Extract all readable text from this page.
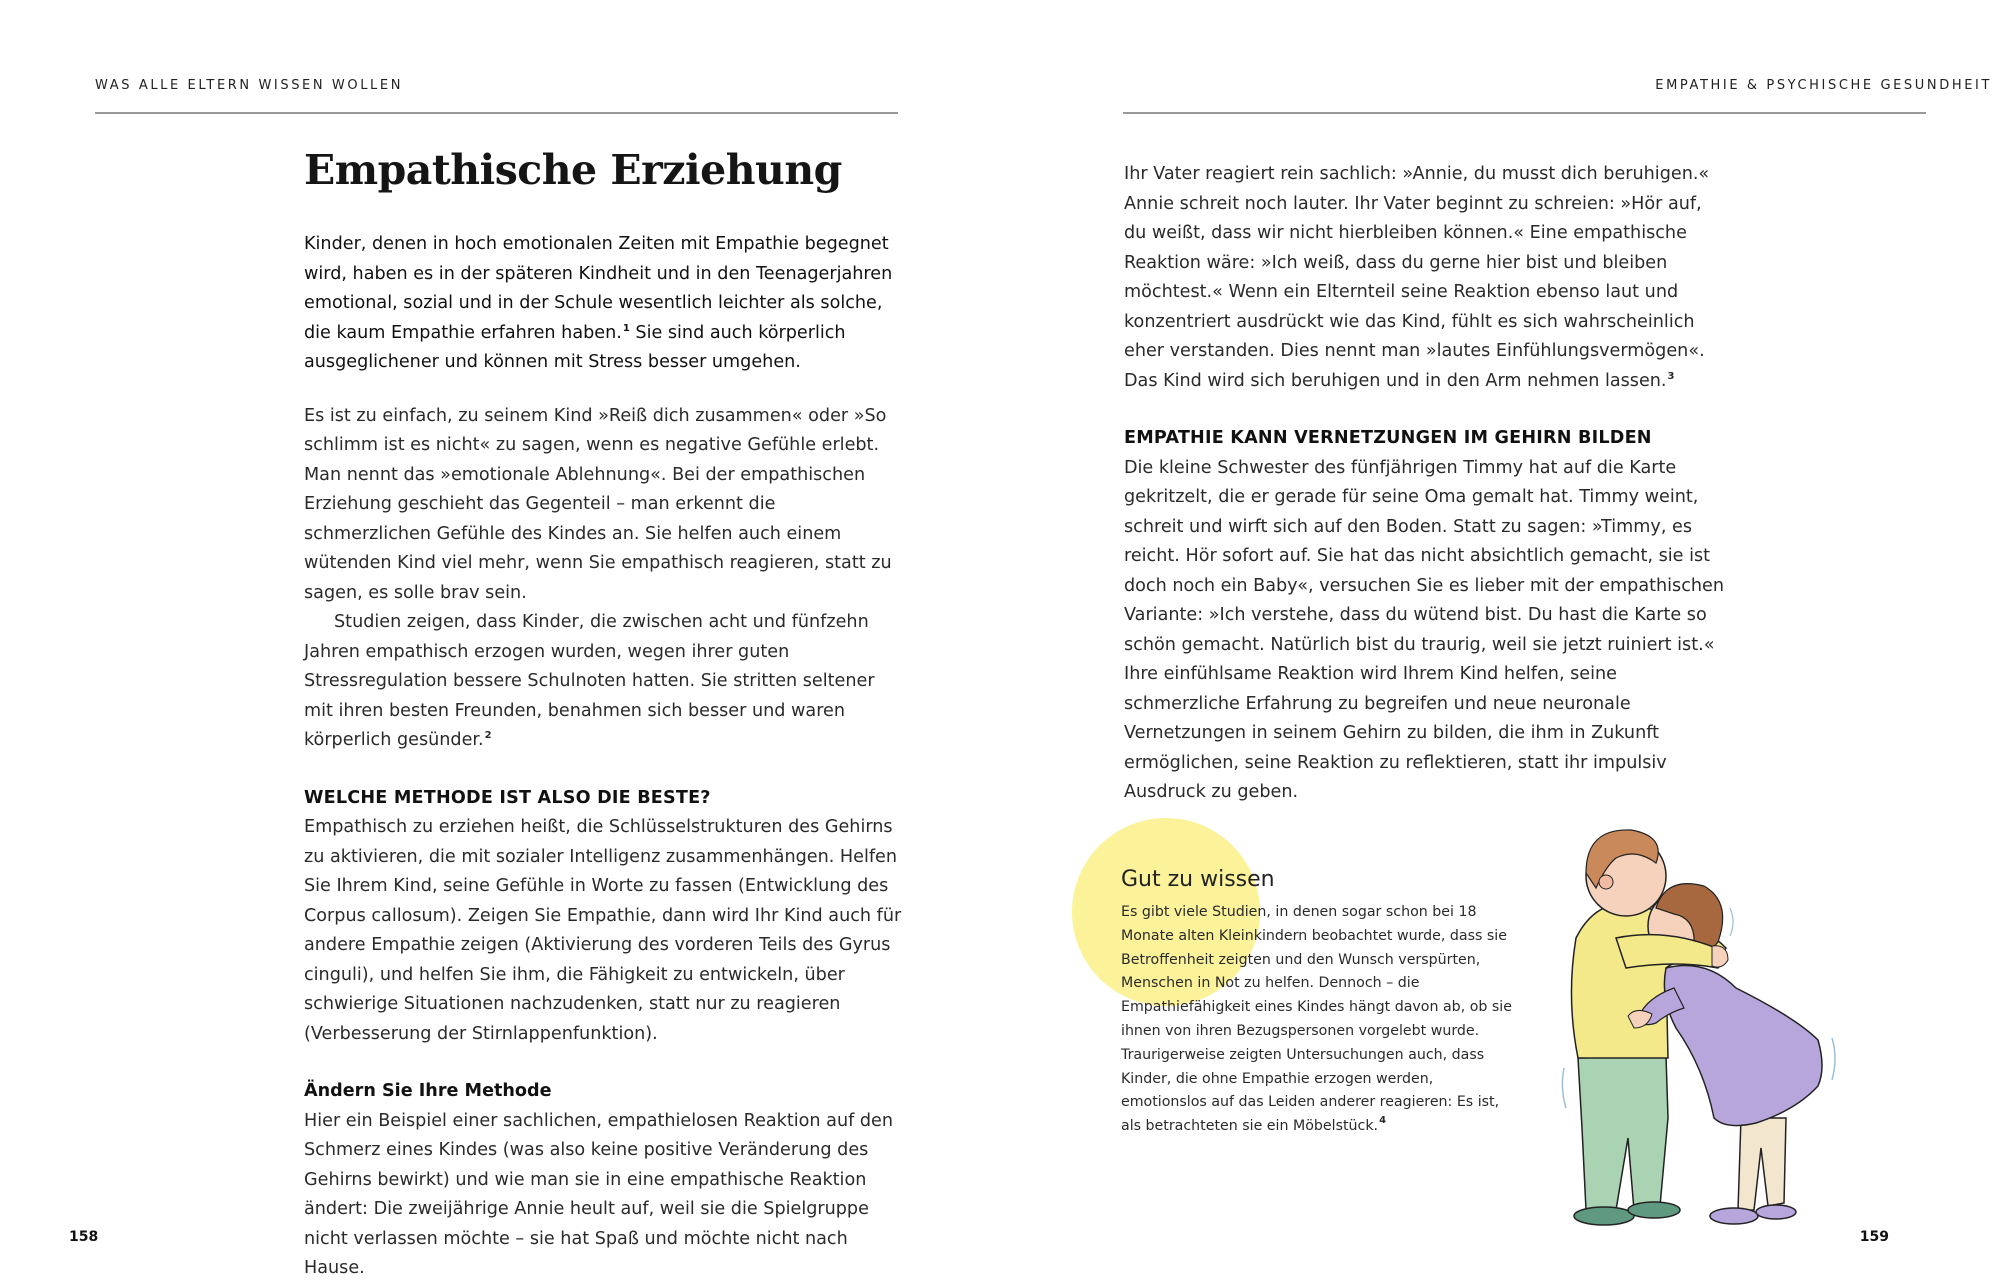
WAS ALLE ELTERN WISSEN WOLLEN
Empathische Erziehung

Kinder, denen in hoch emotionalen Zeiten mit Empathie begegnet wird, haben es in der späteren Kindheit und in den Teenagerjahren emotional, sozial und in der Schule wesentlich leichter als solche, die kaum Empathie erfahren haben.$^1$ Sie sind auch körperlich ausgeglichener und können mit Stress besser umgehen.

Es ist zu einfach, zu seinem Kind »Reiß dich zusammen« oder »So schlimm ist es nicht« zu sagen, wenn es negative Gefühle erlebt. Man nennt das »emotionale Ablehnung«. Bei der empathischen Erziehung geschieht das Gegenteil – man erkennt die schmerzlichen Gefühle des Kindes an. Sie helfen auch einem wütenden Kind viel mehr, wenn Sie empathisch reagieren, statt zu sagen, es solle brav sein.

Studien zeigen, dass Kinder, die zwischen acht und fünfzehn Jahren empathisch erzogen wurden, wegen ihrer guten Stressregulation bessere Schulnoten hatten. Sie stritten seltener mit ihren besten Freunden, benahmen sich besser und waren körperlich gesünder.$^2$

WELCHE METHODE IST ALSO DIE BESTE?

Empathisch zu erziehen heißt, die Schlüsselstrukturen des Gehirns zu aktivieren, die mit sozialer Intelligenz zusammenhängen. Helfen Sie Ihrem Kind, seine Gefühle in Worte zu fassen (Entwicklung des Corpus callosum). Zeigen Sie Empathie, dann wird Ihr Kind auch für andere Empathie zeigen (Aktivierung des vorderen Teils des Gyrus cinguli), und helfen Sie ihm, die Fähigkeit zu entwickeln, über schwierige Situationen nachzudenken, statt nur zu reagieren (Verbesserung der Stirnlappenfunktion).

Ändern Sie Ihre Methode

Hier ein Beispiel einer sachlichen, empathielosen Reaktion auf den Schmerz eines Kindes (was also keine positive Veränderung des Gehirns bewirkt) und wie man sie in eine empathische Reaktion ändert: Die zweijährige Annie heult auf, weil sie die Spielgruppe nicht verlassen möchte – sie hat Spaß und möchte nicht nach Hause.

158
EMPATHIE & PSYCHISCHE GESUNDHEIT

Ihr Vater reagiert rein sachlich: »Annie, du musst dich beruhigen.« Annie schreit noch lauter. Ihr Vater beginnt zu schreien: »Hör auf, du weißt, dass wir nicht hierbleiben können.« Eine empathische Reaktion wäre: »Ich weiß, dass du gerne hier bist und bleiben möchtest.« Wenn ein Elternteil seine Reaktion ebenso laut und konzentriert ausdrückt wie das Kind, fühlt es sich wahrscheinlich eher verstanden. Dies nennt man »lautes Einfühlungsvermögen«. Das Kind wird sich beruhigen und in den Arm nehmen lassen.$^3$

EMPATHIE KANN VERNETZUNGEN IM GEHIRN BILDEN

Die kleine Schwester des fünfjährigen Timmy hat auf die Karte gekritzelt, die er gerade für seine Oma gemalt hat. Timmy weint, schreit und wirft sich auf den Boden. Statt zu sagen: »Timmy, es reicht. Hör sofort auf. Sie hat das nicht absichtlich gemacht, sie ist doch noch ein Baby«, versuchen Sie es lieber mit der empathischen Variante: »Ich verstehe, dass du wütend bist. Du hast die Karte so schön gemacht. Natürlich bist du traurig, weil sie jetzt ruiniert ist.« Ihre einfühlsame Reaktion wird Ihrem Kind helfen, seine schmerzliche Erfahrung zu begreifen und neue neuronale Vernetzungen in seinem Gehirn zu bilden, die ihm in Zukunft ermöglichen, seine Reaktion zu reflektieren, statt ihr impulsiv Ausdruck zu geben.

Gut zu wissen
Es gibt viele Studien, in denen sogar schon bei 18 Monate alten Kleinkindern beobachtet wurde, dass sie Betroffenheit zeigten und den Wunsch verspürten, Menschen in Not zu helfen. Dennoch – die Empathiefähigkeit eines Kindes hängt davon ab, ob sie ihnen von ihren Bezugspersonen vorgelebt wurde. Traurigerweise zeigten Untersuchungen auch, dass Kinder, die ohne Empathie erzogen werden, emotionslos auf das Leiden anderer reagieren: Es ist, als betrachteten sie ein Möbelstück.$^4$
159
